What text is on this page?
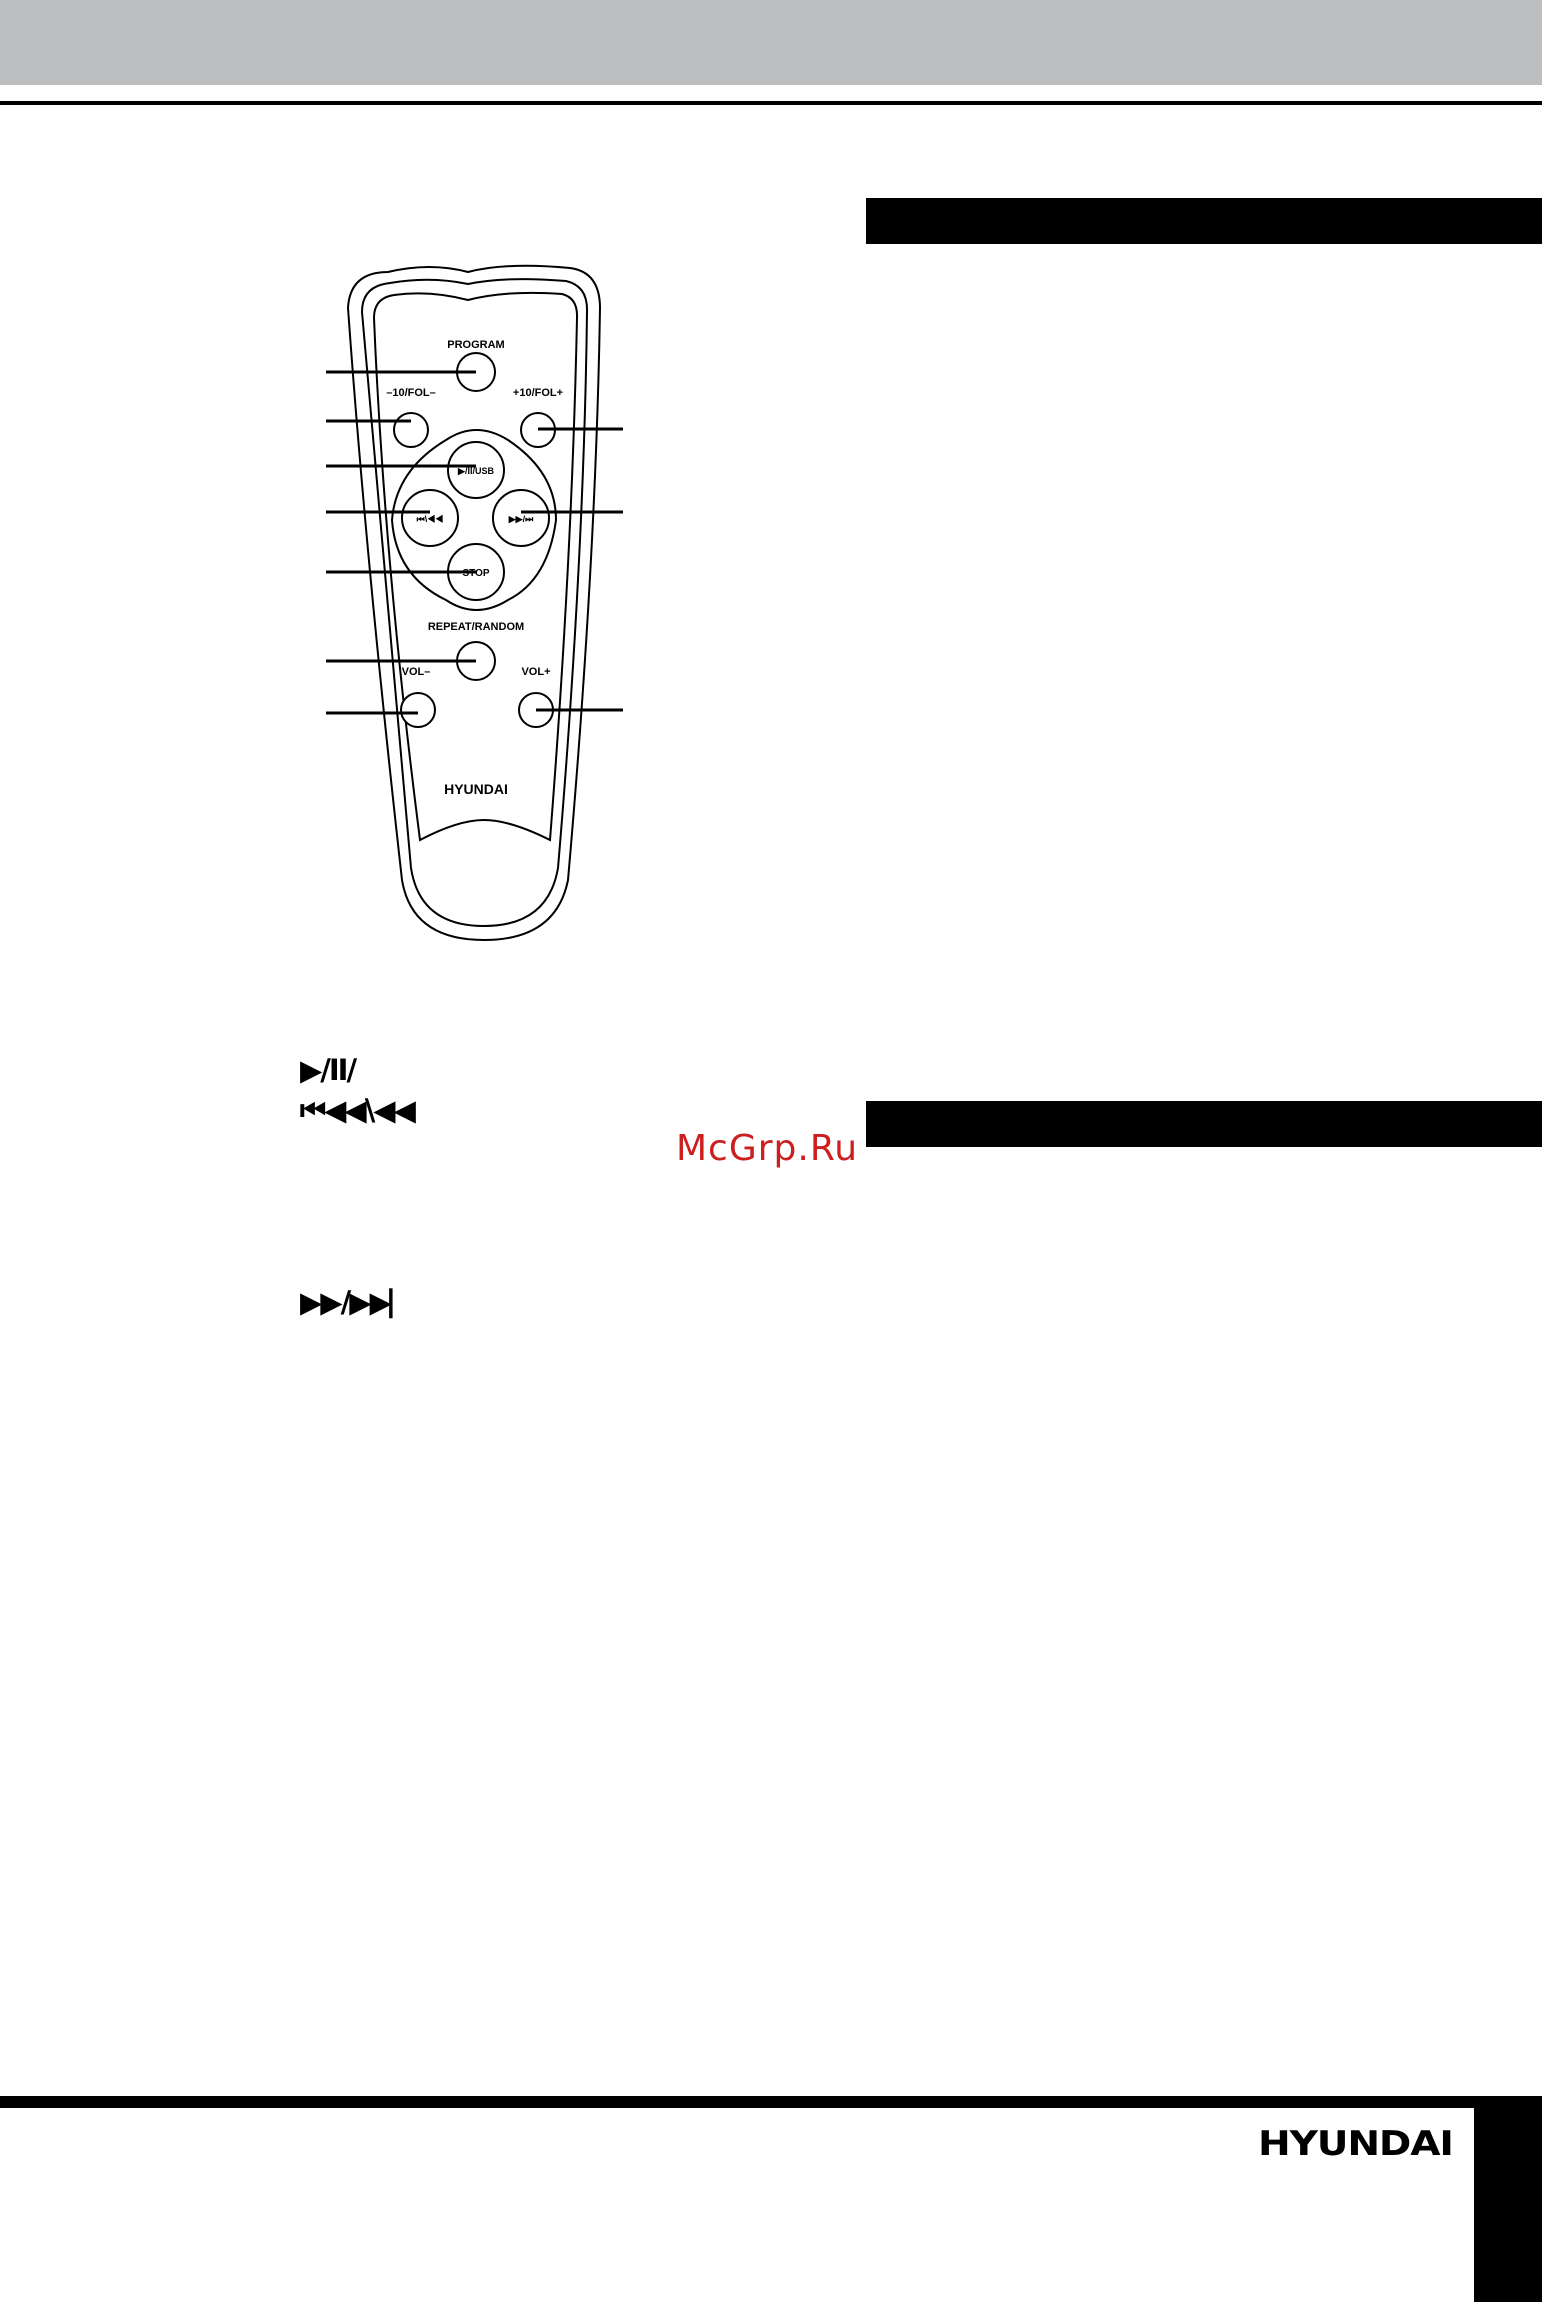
PROGRAM
–10/FOL–	+10/FOL+
▶/II/USB
⏮\◀◀	▶▶/⏭
STOP
REPEAT/RANDOM
VOL–	VOL+
HYUNDAI
▶/II/
⏮◀◀\◀◀
▶▶/▶▶⎸
McGrp.Ru
HYUNDAI
